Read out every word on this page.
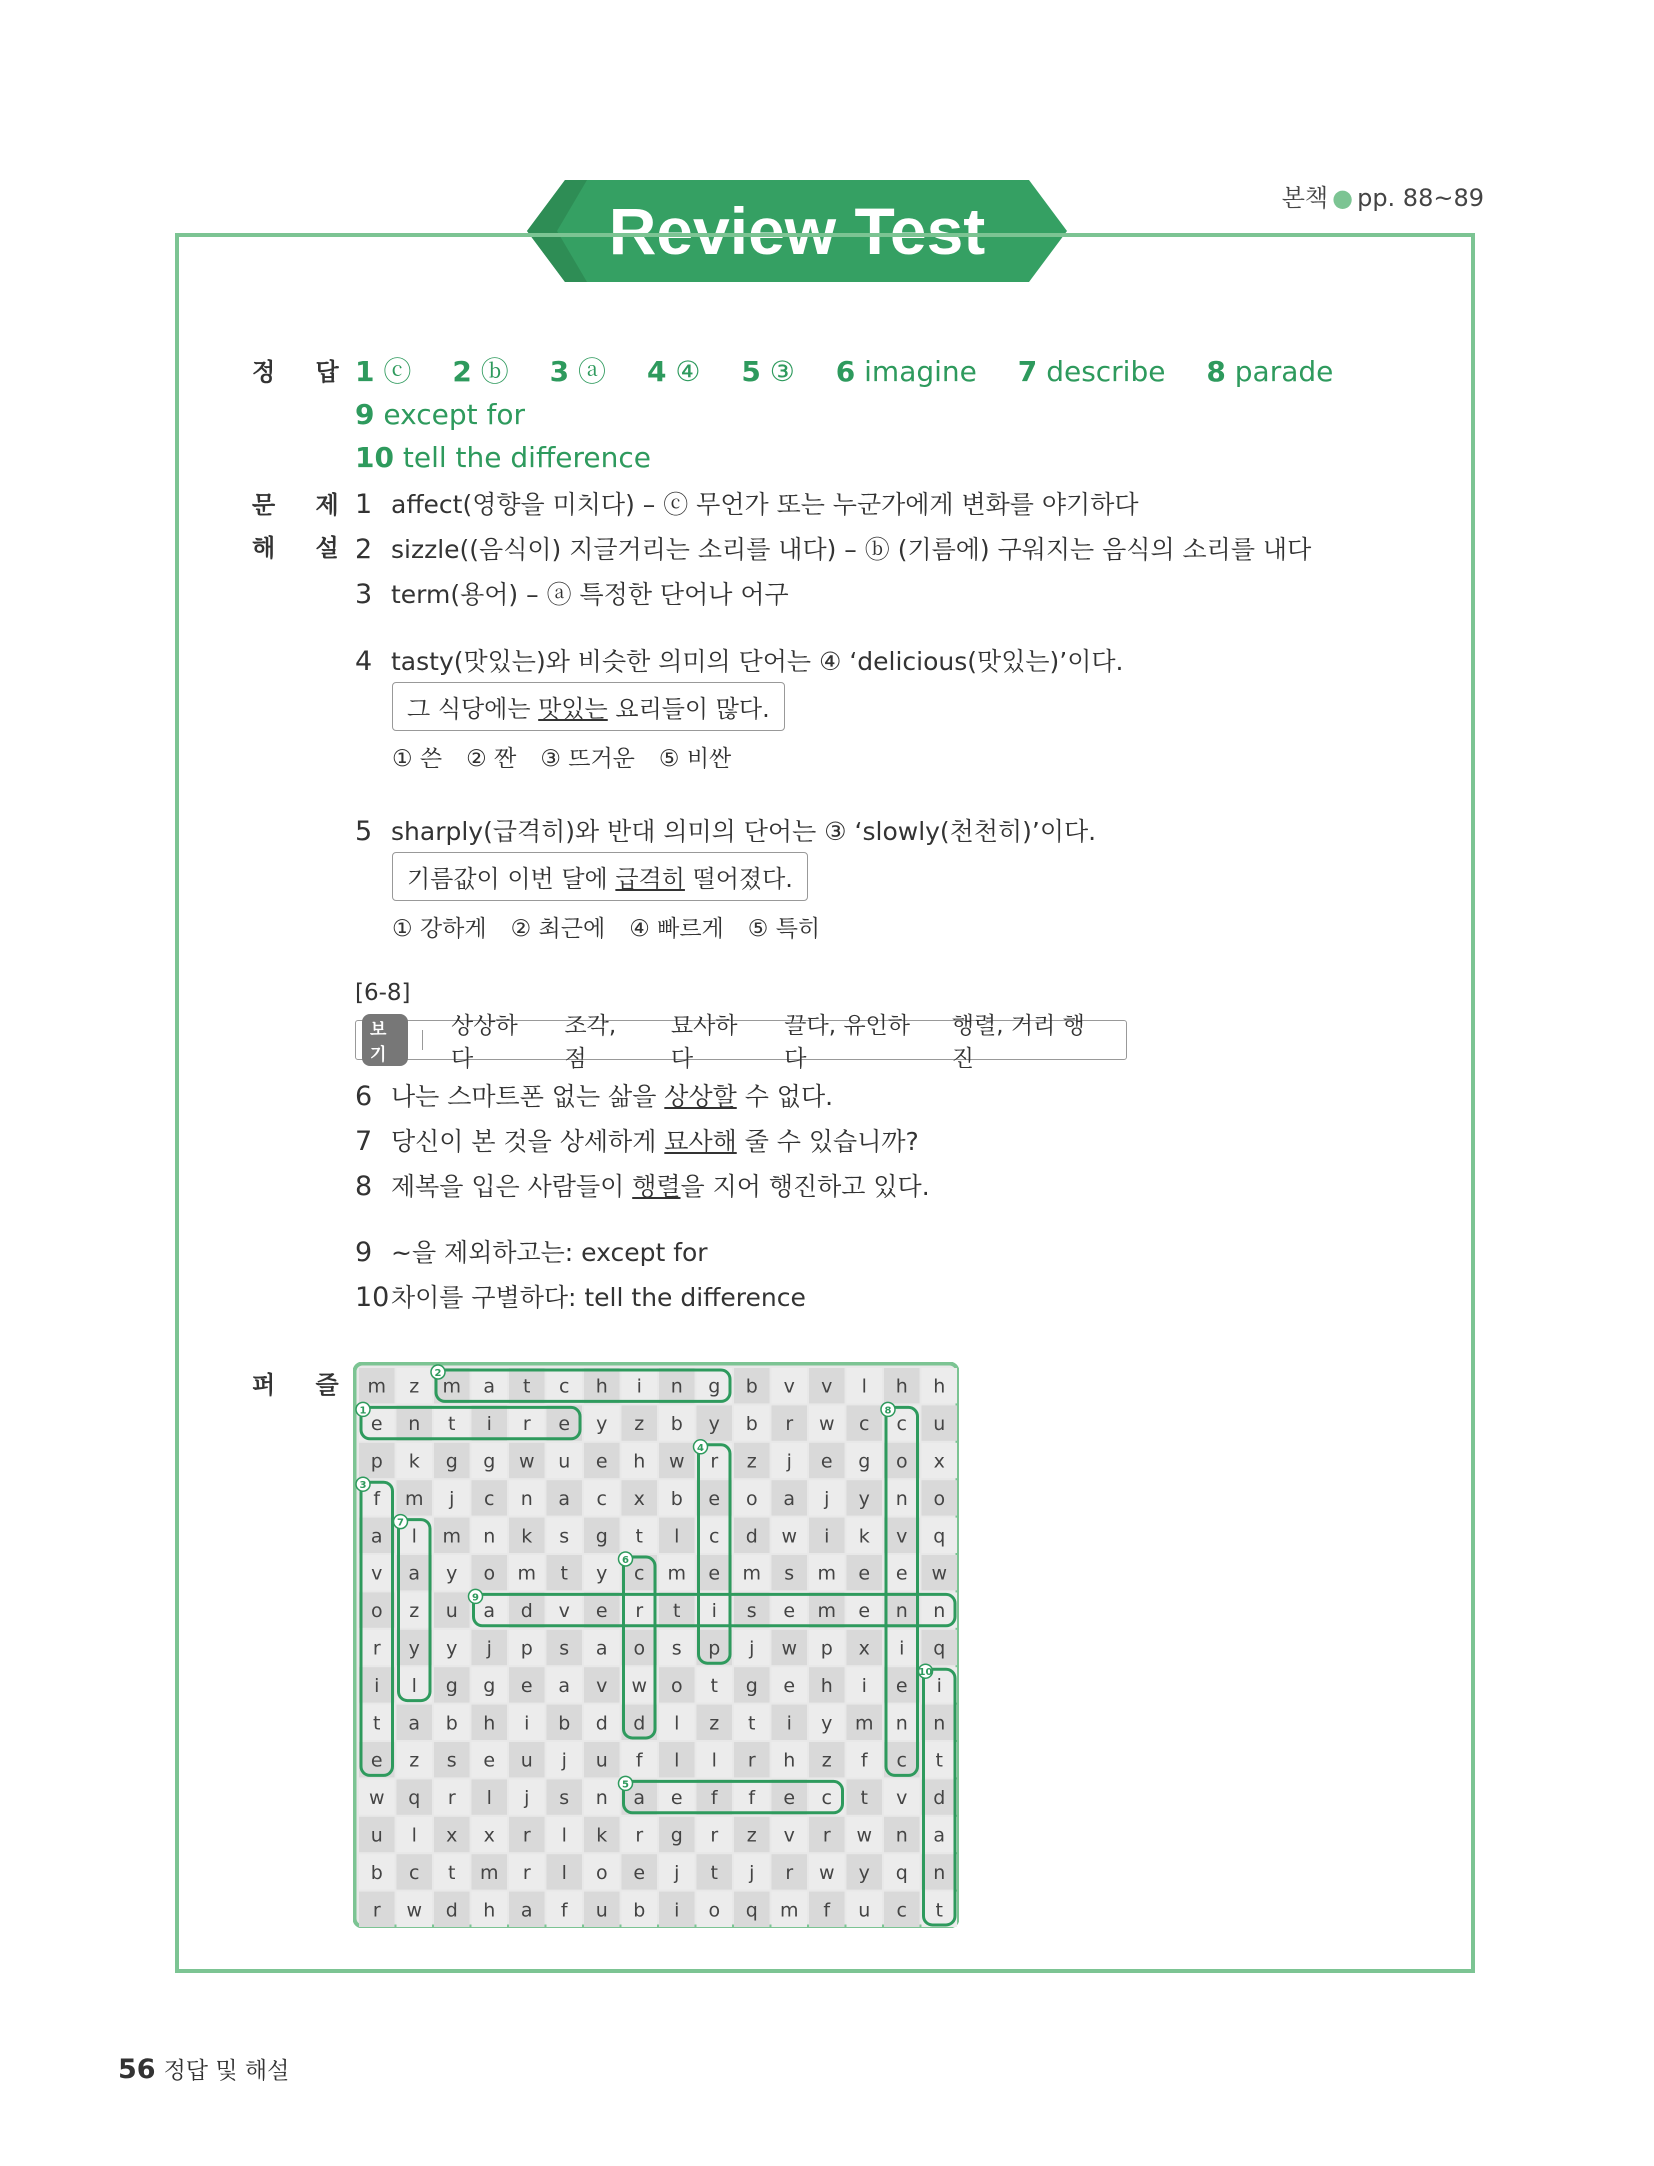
Review Test	본책 ● pp. 88~89
정 답 1 ⓒ 2 ⓑ 3 ⓐ 4 ④ 5 ③ 6 imagine 7 describe 8 parade 9 except for
10 tell the difference
문 제
해 설
1 affect(영향을 미치다) – ⓒ 무언가 또는 누군가에게 변화를 야기하다
2 sizzle((음식이) 지글거리는 소리를 내다) – ⓑ (기름에) 구워지는 음식의 소리를 내다
3 term(용어) – ⓐ 특정한 단어나 어구
4 tasty(맛있는)와 비슷한 의미의 단어는 ④ ‘delicious(맛있는)’이다.
그 식당에는 맛있는 요리들이 많다.
① 쓴 ② 짠 ③ 뜨거운 ⑤ 비싼
5 sharply(급격히)와 반대 의미의 단어는 ③ ‘slowly(천천히)’이다.
기름값이 이번 달에 급격히 떨어졌다.
① 강하게 ② 최근에 ④ 빠르게 ⑤ 특히
[6-8]
보기
상상하다
조각, 점
묘사하다
끌다, 유인하다
행렬, 거리 행진
6 나는 스마트폰 없는 삶을 상상할 수 없다.
7 당신이 본 것을 상세하게 묘사해 줄 수 있습니까?
8 제복을 입은 사람들이 행렬을 지어 행진하고 있다.
9 ~을 제외하고는: except for
10차이를 구별하다: tell the difference
퍼 즐 m z m a t c h i n g b v v l h h
e n t i r e y z b y b r w c c u
p k g g w u e h w r z j e g o x
f m j c n a c x b e o a j y n o
a l m n k s g t l c d w i k v q
v a y o m t y c m e m s m e e w
o z u a d v e r t i s e m e n n
r y y j p s a o s p j w p x i q
i l g g e a v w o t g e h i e i
t a b h i b d d l z t i y m n n
e z s e u j u f l l r h z f c t
w q r l j s n a e f f e c t v d
u l x x r l k r g r z v r w n a
b c t m r l o e j t j r w y q n
r w d h a f u b i o q m f u c t
2
1
3
7
4
9
8
6
5
10
56 정답 및 해설
